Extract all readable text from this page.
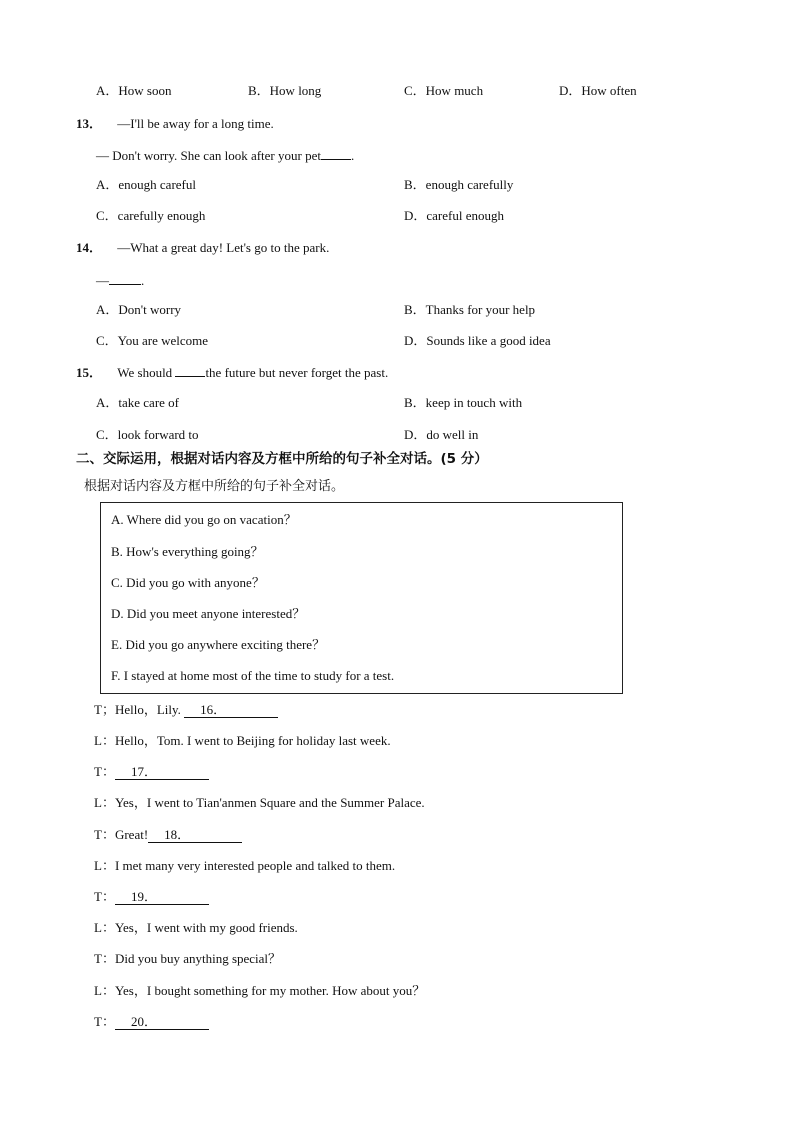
A．How soon	B．How long	C．How much	D．How often
13． —I'll be away for a long time.
— Don't worry. She can look after your pet .
A．enough careful	B．enough carefully
C．carefully enough	D．careful enough
14． —What a great day! Let's go to the park.
— .
A．Don't worry	B．Thanks for your help
C．You are welcome	D．Sounds like a good idea
15． We should the future but never forget the past.
A．take care of	B．keep in touch with
C．look forward to	D．do well in
二、交际运用，根据对话内容及方框中所给的句子补全对话。(5 分）
根据对话内容及方框中所给的句子补全对话。
A. Where did you go on vacation？
B. How's everything going？
C. Did you go with anyone？
D. Did you meet anyone interested？
E. Did you go anywhere exciting there？
F. I stayed at home most of the time to study for a test.
T；Hello，Lily. 16．
L：Hello，Tom. I went to Beijing for holiday last week.
T： 17．
L：Yes，I went to Tian'anmen Square and the Summer Palace.
T：Great! 18．
L：I met many very interested people and talked to them.
T： 19．
L：Yes，I went with my good friends.
T：Did you buy anything special？
L：Yes，I bought something for my mother. How about you？
T： 20．
